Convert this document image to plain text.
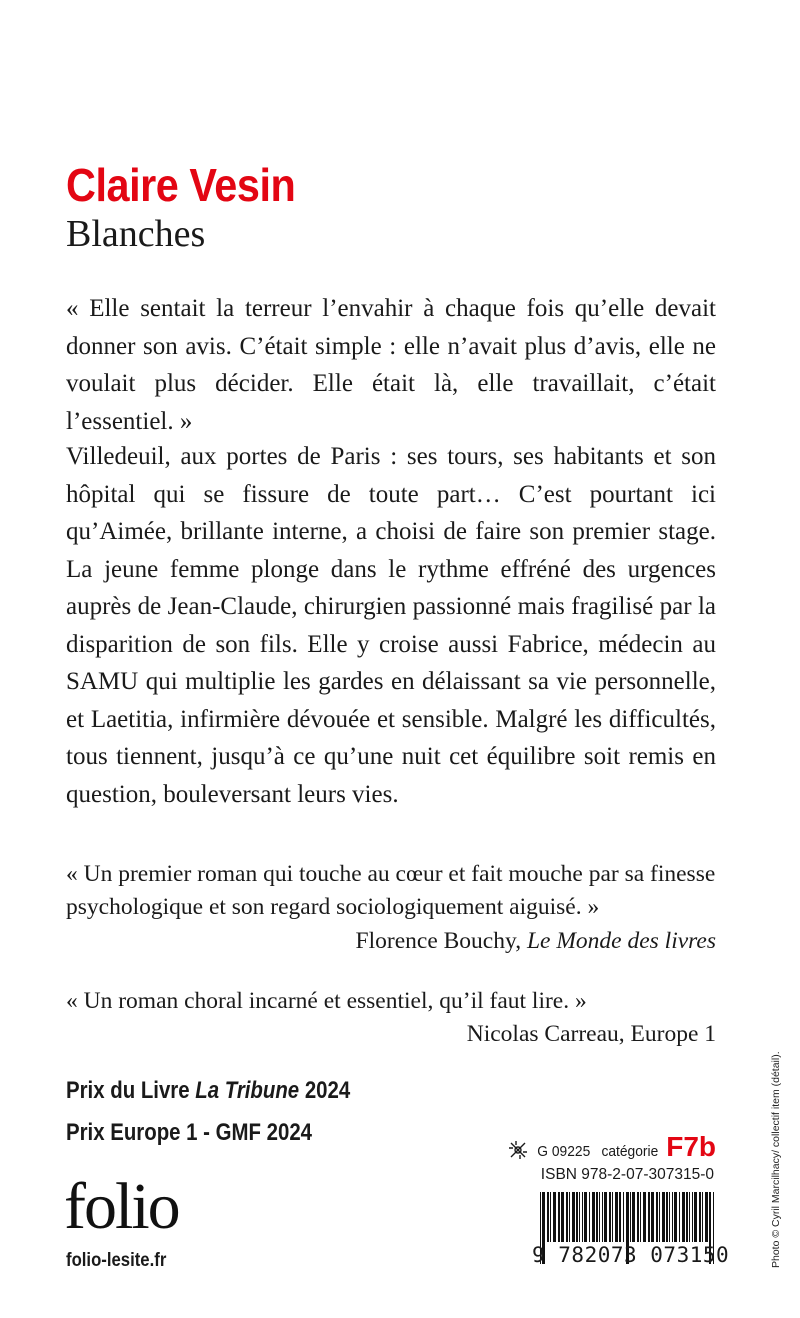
Claire Vesin
Blanches

« Elle sentait la terreur l’envahir à chaque fois qu’elle devait donner son avis. C’était simple : elle n’avait plus d’avis, elle ne voulait plus décider. Elle était là, elle travaillait, c’était l’essentiel. »

Villedeuil, aux portes de Paris : ses tours, ses habitants et son hôpital qui se fissure de toute part… C’est pourtant ici qu’Aimée, brillante interne, a choisi de faire son premier stage. La jeune femme plonge dans le rythme effréné des urgences auprès de Jean-Claude, chirurgien passionné mais fragilisé par la disparition de son fils. Elle y croise aussi Fabrice, médecin au SAMU qui multiplie les gardes en délaissant sa vie personnelle, et Laetitia, infirmière dévouée et sensible. Malgré les difficultés, tous tiennent, jusqu’à ce qu’une nuit cet équilibre soit remis en question, bouleversant leurs vies.

« Un premier roman qui touche au cœur et fait mouche par sa finesse psychologique et son regard sociologiquement aiguisé. »

Florence Bouchy, Le Monde des livres

« Un roman choral incarné et essentiel, qu’il faut lire. »

Nicolas Carreau, Europe 1

Prix du Livre La Tribune 2024
Prix Europe 1 - GMF 2024
folio
folio-lesite.fr
G 09225 catégorie F7b
ISBN 978-2-07-307315-0
9 782073 073150	Photo © Cyril Marcilhacy/ collectif item (détail).
